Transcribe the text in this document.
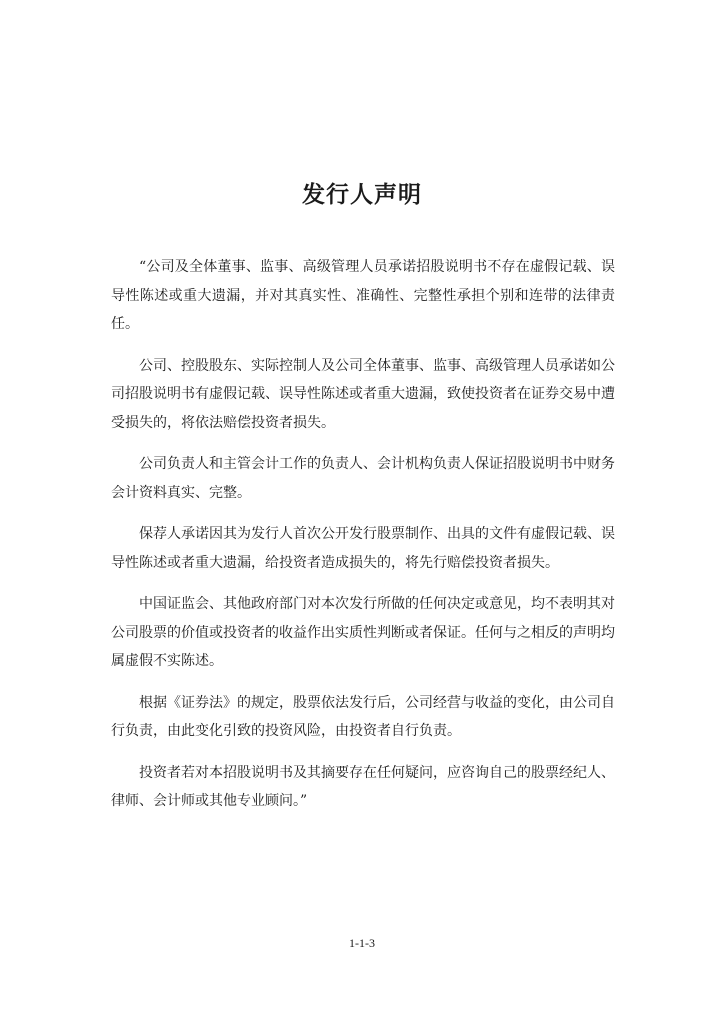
发行人声明

“公司及全体董事、监事、高级管理人员承诺招股说明书不存在虚假记载、误导性陈述或重大遗漏，并对其真实性、准确性、完整性承担个别和连带的法律责任。

公司、控股股东、实际控制人及公司全体董事、监事、高级管理人员承诺如公司招股说明书有虚假记载、误导性陈述或者重大遗漏，致使投资者在证券交易中遭受损失的，将依法赔偿投资者损失。

公司负责人和主管会计工作的负责人、会计机构负责人保证招股说明书中财务会计资料真实、完整。

保荐人承诺因其为发行人首次公开发行股票制作、出具的文件有虚假记载、误导性陈述或者重大遗漏，给投资者造成损失的，将先行赔偿投资者损失。

中国证监会、其他政府部门对本次发行所做的任何决定或意见，均不表明其对公司股票的价值或投资者的收益作出实质性判断或者保证。任何与之相反的声明均属虚假不实陈述。

根据《证券法》的规定，股票依法发行后，公司经营与收益的变化，由公司自行负责，由此变化引致的投资风险，由投资者自行负责。

投资者若对本招股说明书及其摘要存在任何疑问，应咨询自己的股票经纪人、律师、会计师或其他专业顾问。”

1-1-3
